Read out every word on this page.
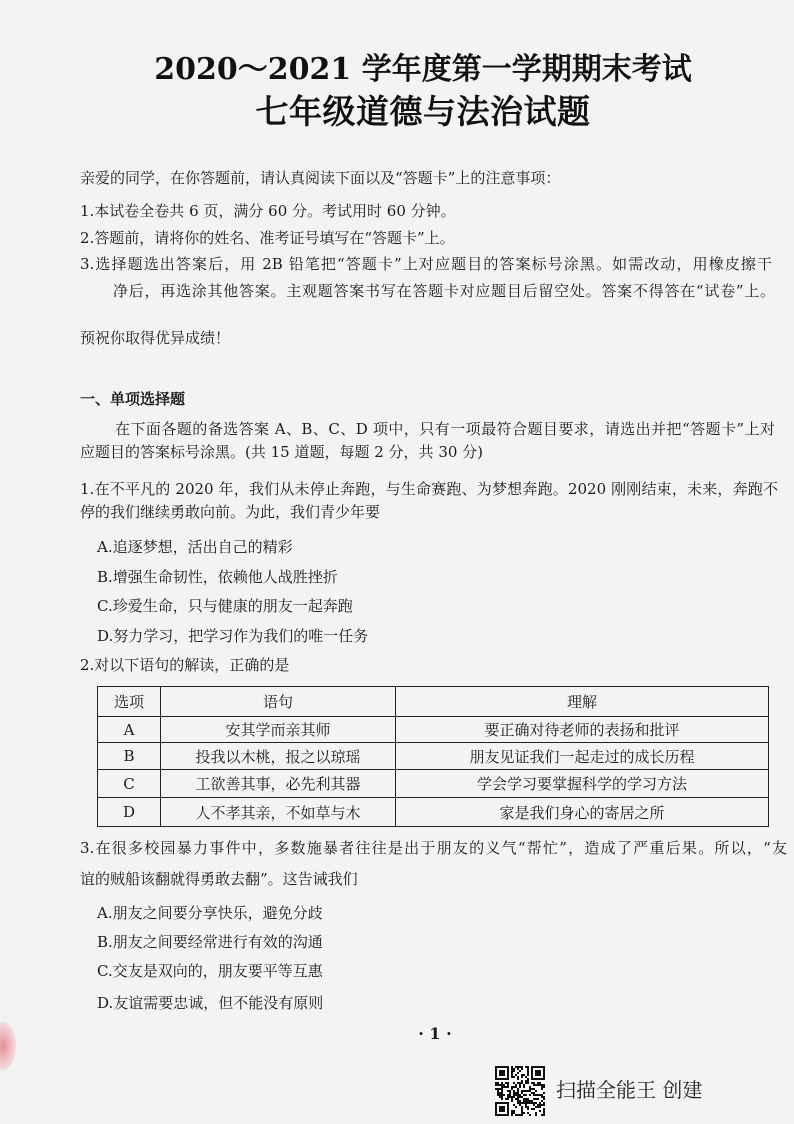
2020～2021 学年度第一学期期末考试
七年级道德与法治试题
亲爱的同学，在你答题前，请认真阅读下面以及“答题卡”上的注意事项：
1.本试卷全卷共 6 页，满分 60 分。考试用时 60 分钟。
2.答题前，请将你的姓名、准考证号填写在“答题卡”上。
3.选择题选出答案后，用 2B 铅笔把“答题卡”上对应题目的答案标号涂黑。如需改动，用橡皮擦干
净后，再选涂其他答案。主观题答案书写在答题卡对应题目后留空处。答案不得答在“试卷”上。
预祝你取得优异成绩！
一、单项选择题
在下面各题的备选答案 A、B、C、D 项中，只有一项最符合题目要求，请选出并把“答题卡”上对
应题目的答案标号涂黑。(共 15 道题，每题 2 分，共 30 分)
1.在不平凡的 2020 年，我们从未停止奔跑，与生命赛跑、为梦想奔跑。2020 刚刚结束，未来，奔跑不
停的我们继续勇敢向前。为此，我们青少年要
A.追逐梦想，活出自己的精彩
B.增强生命韧性，依赖他人战胜挫折
C.珍爱生命，只与健康的朋友一起奔跑
D.努力学习，把学习作为我们的唯一任务
2.对以下语句的解读，正确的是
选项	语句	理解
A	安其学而亲其师	要正确对待老师的表扬和批评
B	投我以木桃，报之以琼瑶	朋友见证我们一起走过的成长历程
C	工欲善其事，必先利其器	学会学习要掌握科学的学习方法
D	人不孝其亲，不如草与木	家是我们身心的寄居之所
3.在很多校园暴力事件中，多数施暴者往往是出于朋友的义气“帮忙”，造成了严重后果。所以，“友
谊的贼船该翻就得勇敢去翻”。这告诫我们
A.朋友之间要分享快乐，避免分歧
B.朋友之间要经常进行有效的沟通
C.交友是双向的，朋友要平等互惠
D.友谊需要忠诚，但不能没有原则
· 1 ·
扫描全能王 创建
